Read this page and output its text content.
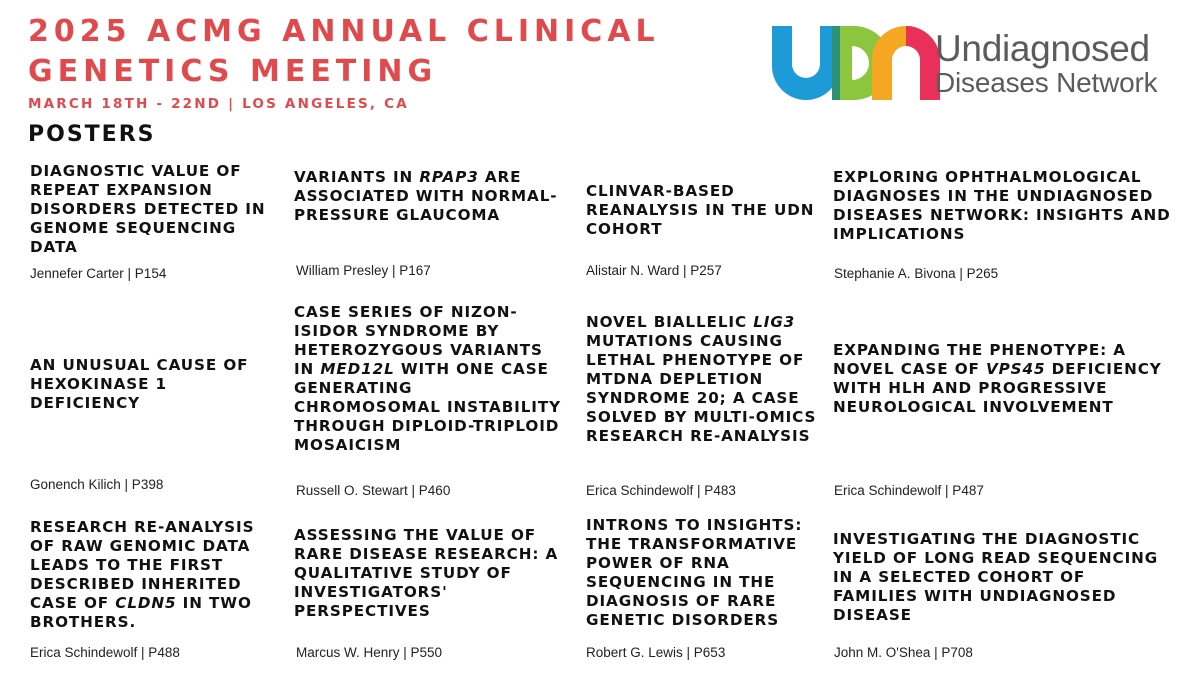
2025 ACMG ANNUAL CLINICAL
GENETICS MEETING
MARCH 18TH - 22ND | LOS ANGELES, CA
POSTERS
Undiagnosed
Diseases Network
DIAGNOSTIC VALUE OF REPEAT EXPANSION DISORDERS DETECTED IN GENOME SEQUENCING DATA
Jennefer Carter | P154
VARIANTS IN RPAP3 ARE ASSOCIATED WITH NORMAL-PRESSURE GLAUCOMA
William Presley | P167
CLINVAR-BASED REANALYSIS IN THE UDN COHORT
Alistair N. Ward | P257
EXPLORING OPHTHALMOLOGICAL DIAGNOSES IN THE UNDIAGNOSED DISEASES NETWORK: INSIGHTS AND IMPLICATIONS
Stephanie A. Bivona | P265
AN UNUSUAL CAUSE OF HEXOKINASE 1 DEFICIENCY
Gonench Kilich | P398
CASE SERIES OF NIZON-ISIDOR SYNDROME BY HETEROZYGOUS VARIANTS IN MED12L WITH ONE CASE GENERATING CHROMOSOMAL INSTABILITY THROUGH DIPLOID-TRIPLOID MOSAICISM
Russell O. Stewart | P460
NOVEL BIALLELIC LIG3 MUTATIONS CAUSING LETHAL PHENOTYPE OF MTDNA DEPLETION SYNDROME 20; A CASE SOLVED BY MULTI-OMICS RESEARCH RE-ANALYSIS
Erica Schindewolf | P483
EXPANDING THE PHENOTYPE: A NOVEL CASE OF VPS45 DEFICIENCY WITH HLH AND PROGRESSIVE NEUROLOGICAL INVOLVEMENT
Erica Schindewolf | P487
RESEARCH RE-ANALYSIS OF RAW GENOMIC DATA LEADS TO THE FIRST DESCRIBED INHERITED CASE OF CLDN5 IN TWO BROTHERS.
Erica Schindewolf | P488
ASSESSING THE VALUE OF RARE DISEASE RESEARCH: A QUALITATIVE STUDY OF INVESTIGATORS' PERSPECTIVES
Marcus W. Henry | P550
INTRONS TO INSIGHTS: THE TRANSFORMATIVE POWER OF RNA SEQUENCING IN THE DIAGNOSIS OF RARE GENETIC DISORDERS
Robert G. Lewis | P653
INVESTIGATING THE DIAGNOSTIC YIELD OF LONG READ SEQUENCING IN A SELECTED COHORT OF FAMILIES WITH UNDIAGNOSED DISEASE
John M. O'Shea | P708
